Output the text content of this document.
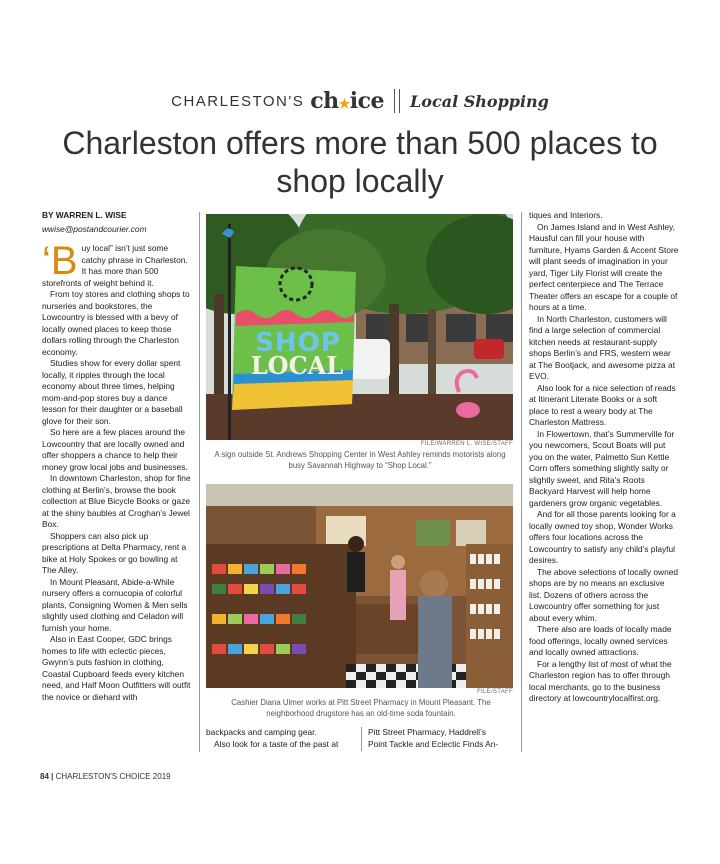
CHARLESTON'S ch★ice Local Shopping
Charleston offers more than 500 places to shop locally
BY WARREN L. WISE
wwise@postandcourier.com
‘B uy local” isn’t just some catchy phrase in Charleston. It has more than 500 storefronts of weight behind it.

From toy stores and clothing shops to nurseries and bookstores, the Lowcountry is blessed with a bevy of locally owned places to keep those dollars rolling through the Charleston economy.

Studies show for every dollar spent locally, it ripples through the local economy about three times, helping mom-and-pop stores buy a dance lesson for their daughter or a baseball glove for their son.

So here are a few places around the Lowcountry that are locally owned and offer shoppers a chance to help their money grow local jobs and businesses.

In downtown Charleston, shop for fine clothing at Berlin’s, browse the book collection at Blue Bicycle Books or gaze at the shiny baubles at Croghan’s Jewel Box.

Shoppers can also pick up prescriptions at Delta Pharmacy, rent a bike at Holy Spokes or go bowling at The Alley.

In Mount Pleasant, Abide-a-While nursery offers a cornucopia of colorful plants, Consigning Women & Men sells slightly used clothing and Celadon will furnish your home.

Also in East Cooper, GDC brings homes to life with eclectic pieces, Gwynn’s puts fashion in clothing, Coastal Cupboard feeds every kitchen need, and Half Moon Outfitters will outfit the novice or diehard with

SHOP
LOCAL
FILE/WARREN L. WISE/STAFF
A sign outside St. Andrews Shopping Center in West Ashley reminds motorists along busy Savannah Highway to “Shop Local.”
FILE/STAFF
Cashier Diana Ulmer works at Pitt Street Pharmacy in Mount Pleasant. The neighborhood drugstore has an old-time soda fountain.

backpacks and camping gear.

Also look for a taste of the past at

Pitt Street Pharmacy, Haddrell’s

Point Tackle and Eclectic Finds An-

tiques and Interiors.

On James Island and in West Ashley, Hausful can fill your house with furniture, Hyams Garden & Accent Store will plant seeds of imagination in your yard, Tiger Lily Florist will create the perfect centerpiece and The Terrace Theater offers an escape for a couple of hours at a time.

In North Charleston, customers will find a large selection of commercial kitchen needs at restaurant-supply shops Berlin’s and FRS, western wear at The Bootjack, and awesome pizza at EVO.

Also look for a nice selection of reads at Itinerant Literate Books or a soft place to rest a weary body at The Charleston Mattress.

In Flowertown, that’s Summerville for you newcomers, Scout Boats will put you on the water, Palmetto Sun Kettle Corn offers something slightly salty or slightly sweet, and Rita’s Roots Backyard Harvest will help home gardeners grow organic vegetables.

And for all those parents looking for a locally owned toy shop, Wonder Works offers four locations across the Lowcountry to satisfy any child’s playful desires.

The above selections of locally owned shops are by no means an exclusive list. Dozens of others across the Lowcountry offer something for just about every whim.

There also are loads of locally made food offerings, locally owned services and locally owned attractions.

For a lengthy list of most of what the Charleston region has to offer through local merchants, go to the business directory at lowcountrylocalfirst.org.

84 | CHARLESTON’S CHOICE 2019
